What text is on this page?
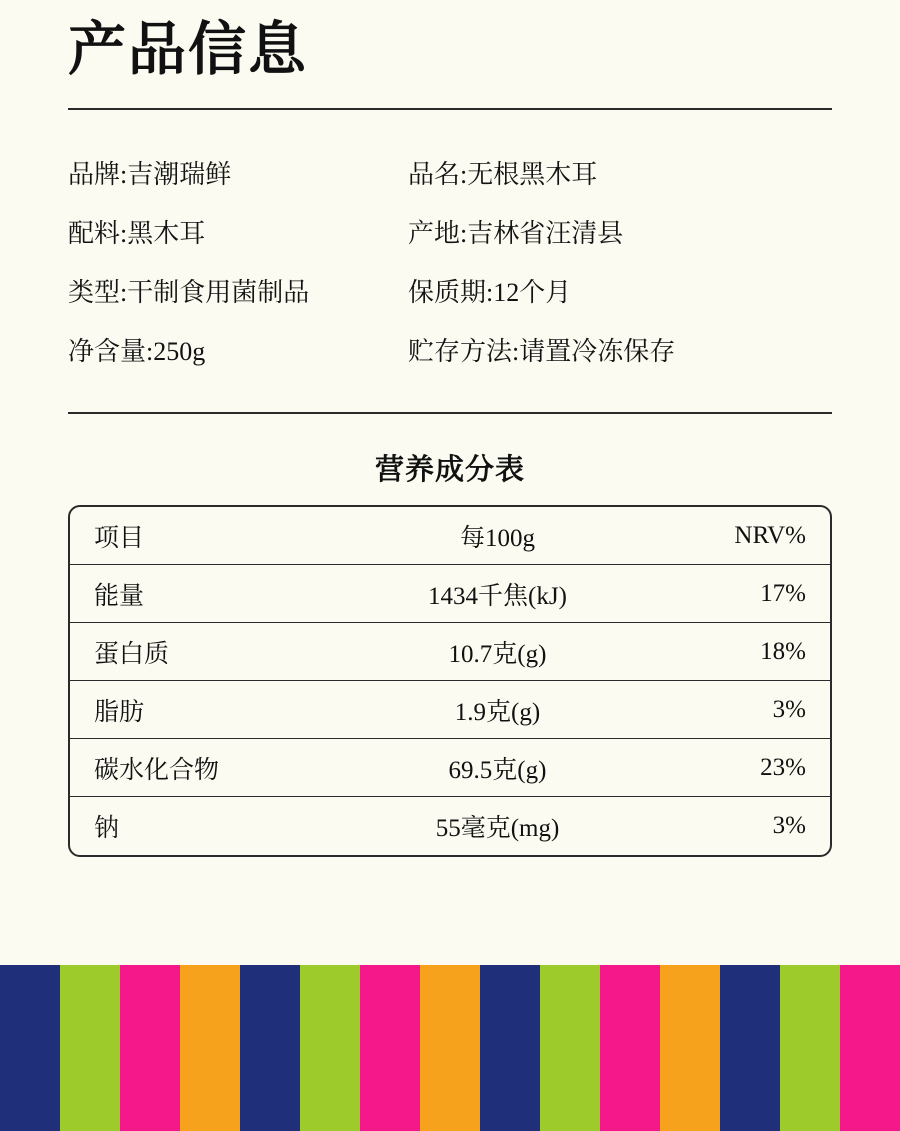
产品信息
品牌:吉潮瑞鲜	品名:无根黑木耳
配料:黑木耳	产地:吉林省汪清县
类型:干制食用菌制品	保质期:12个月
净含量:250g	贮存方法:请置冷冻保存
营养成分表
项目	每100g	NRV%
能量	1434千焦(kJ)	17%
蛋白质	10.7克(g)	18%
脂肪	1.9克(g)	3%
碳水化合物	69.5克(g)	23%
钠	55毫克(mg)	3%
